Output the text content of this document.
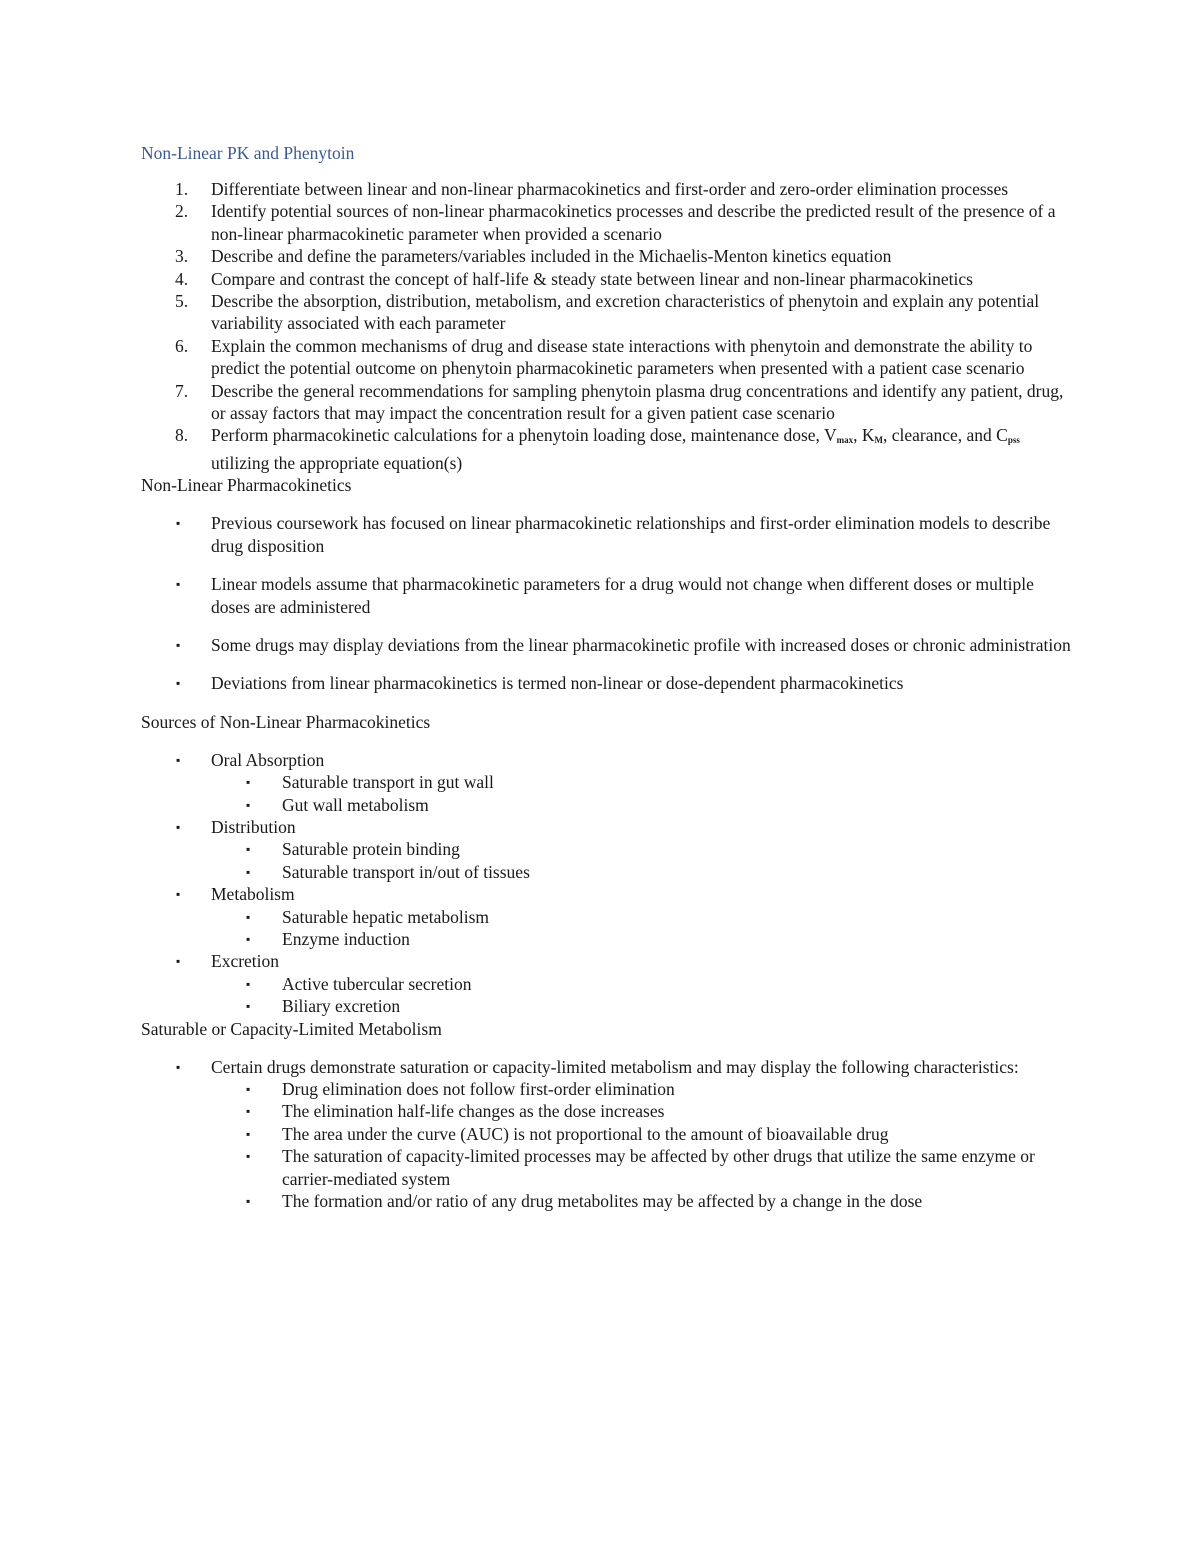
Non-Linear PK and Phenytoin
1. Differentiate between linear and non-linear pharmacokinetics and first-order and zero-order elimination processes
2. Identify potential sources of non-linear pharmacokinetics processes and describe the predicted result of the presence of a non-linear pharmacokinetic parameter when provided a scenario
3. Describe and define the parameters/variables included in the Michaelis-Menton kinetics equation
4. Compare and contrast the concept of half-life & steady state between linear and non-linear pharmacokinetics
5. Describe the absorption, distribution, metabolism, and excretion characteristics of phenytoin and explain any potential variability associated with each parameter
6. Explain the common mechanisms of drug and disease state interactions with phenytoin and demonstrate the ability to predict the potential outcome on phenytoin pharmacokinetic parameters when presented with a patient case scenario
7. Describe the general recommendations for sampling phenytoin plasma drug concentrations and identify any patient, drug, or assay factors that may impact the concentration result for a given patient case scenario
8. Perform pharmacokinetic calculations for a phenytoin loading dose, maintenance dose, $V_{max}$, $K_M$, clearance, and $C_{pss}$ utilizing the appropriate equation(s)
Non-Linear Pharmacokinetics
▪ Previous coursework has focused on linear pharmacokinetic relationships and first-order elimination models to describe drug disposition
▪ Linear models assume that pharmacokinetic parameters for a drug would not change when different doses or multiple doses are administered
▪ Some drugs may display deviations from the linear pharmacokinetic profile with increased doses or chronic administration
▪ Deviations from linear pharmacokinetics is termed non-linear or dose-dependent pharmacokinetics
Sources of Non-Linear Pharmacokinetics
▪ Oral Absorption
▪ Saturable transport in gut wall
▪ Gut wall metabolism
▪ Distribution
▪ Saturable protein binding
▪ Saturable transport in/out of tissues
▪ Metabolism
▪ Saturable hepatic metabolism
▪ Enzyme induction
▪ Excretion
▪ Active tubercular secretion
▪ Biliary excretion
Saturable or Capacity-Limited Metabolism
▪ Certain drugs demonstrate saturation or capacity-limited metabolism and may display the following characteristics:
▪ Drug elimination does not follow first-order elimination
▪ The elimination half-life changes as the dose increases
▪ The area under the curve (AUC) is not proportional to the amount of bioavailable drug
▪ The saturation of capacity-limited processes may be affected by other drugs that utilize the same enzyme or carrier-mediated system
▪ The formation and/or ratio of any drug metabolites may be affected by a change in the dose
